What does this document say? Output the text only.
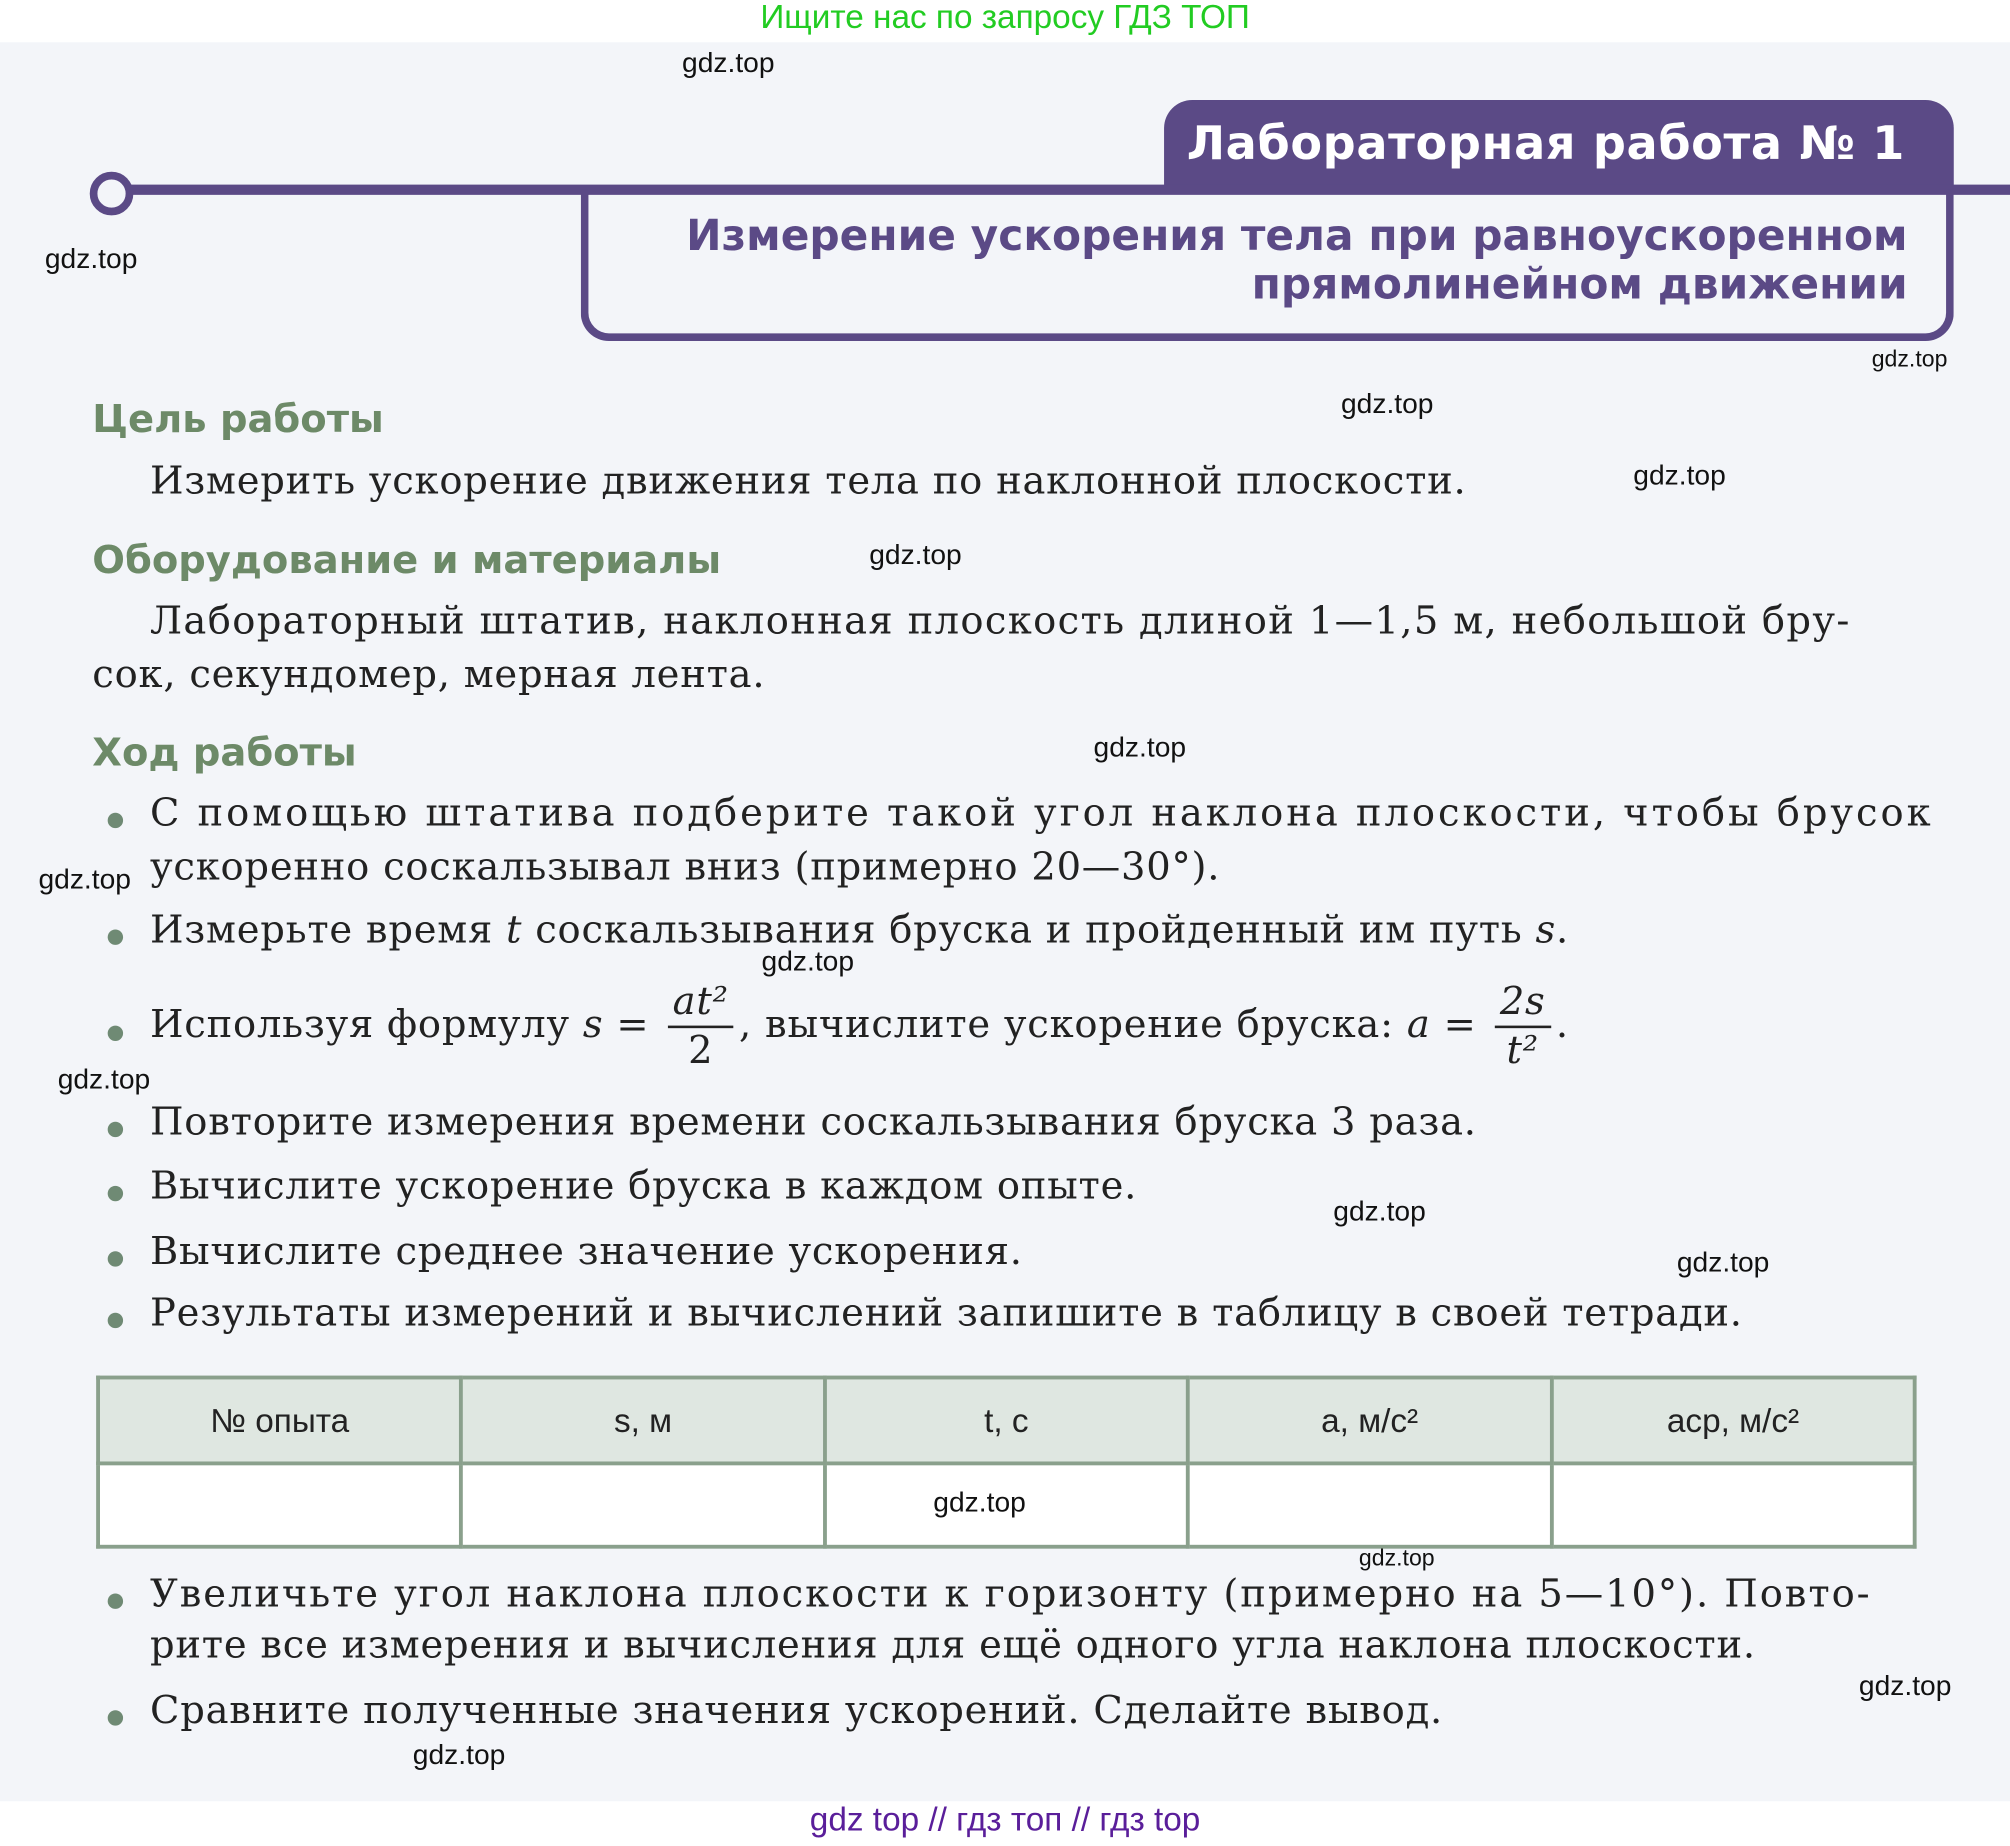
Ищите нас по запросу ГДЗ ТОП
Лабораторная работа № 1
Измерение ускорения тела при равноускоренном
прямолинейном движении
Цель работы
Измерить ускорение движения тела по наклонной плоскости.
Оборудование и материалы
Лабораторный штатив, наклонная плоскость длиной 1—1,5 м, небольшой бру-
сок, секундомер, мерная лента.
Ход работы
С помощью штатива подберите такой угол наклона плоскости, чтобы брусок
ускоренно соскальзывал вниз (примерно 20—30°).
Измерьте время t соскальзывания бруска и пройденный им путь s.
Используя формулу $s = \frac{\text{at²}}{2}$ , вычислите ускорение бруска: $a = \frac{2s}{\text{t²}}$ .
Повторите измерения времени соскальзывания бруска 3 раза.
Вычислите ускорение бруска в каждом опыте.
Вычислите среднее значение ускорения.
Результаты измерений и вычислений запишите в таблицу в своей тетради.
№ опыта	s, м	t, с	a, м/с²	aср, м/с²

Увеличьте угол наклона плоскости к горизонту (примерно на 5—10°). Повто-
рите все измерения и вычисления для ещё одного угла наклона плоскости.
Сравните полученные значения ускорений. Сделайте вывод.
gdz.top
gdz.top
gdz.top
gdz.top
gdz.top
gdz.top
gdz.top
gdz.top
gdz.top
gdz.top
gdz.top
gdz.top
gdz.top
gdz.top
gdz.top
gdz.top
gdz top // гдз топ // гдз top
